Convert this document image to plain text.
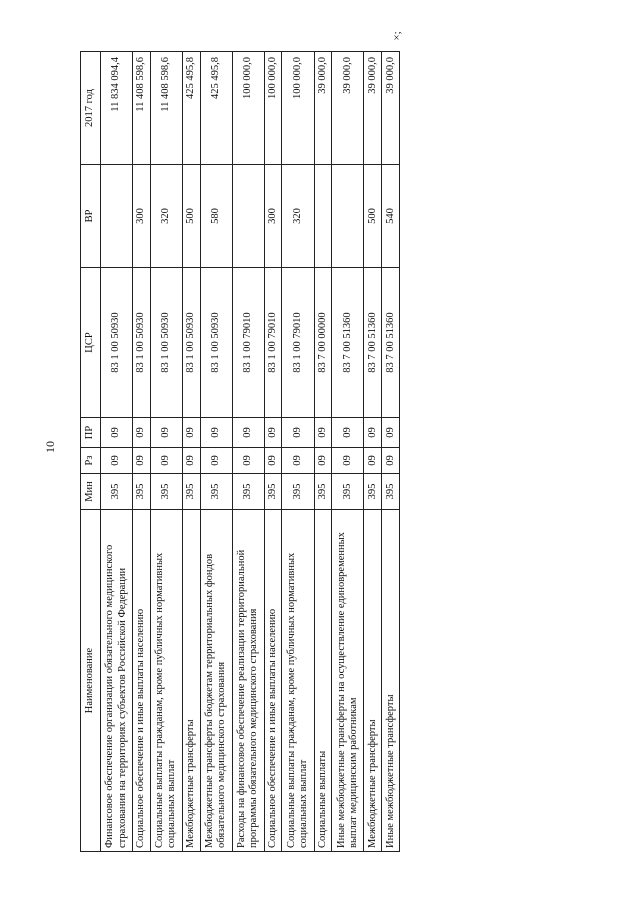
10
×;
Наименование	Мин	Рз	ПР	ЦСР	ВР	2017 год
Финансовое обеспечение организации обязательного медицинского страхования на территориях субъектов Российской Федерации	395	09	09	83 1 00 50930		11 834 094,4
Социальное обеспечение и иные выплаты населению	395	09	09	83 1 00 50930	300	11 408 598,6
Социальные выплаты гражданам, кроме публичных нормативных социальных выплат	395	09	09	83 1 00 50930	320	11 408 598,6
Межбюджетные трансферты	395	09	09	83 1 00 50930	500	425 495,8
Межбюджетные трансферты бюджетам территориальных фондов обязательного медицинского страхования	395	09	09	83 1 00 50930	580	425 495,8
Расходы на финансовое обеспечение реализации территориальной программы обязательного медицинского страхования	395	09	09	83 1 00 79010		100 000,0
Социальное обеспечение и иные выплаты населению	395	09	09	83 1 00 79010	300	100 000,0
Социальные выплаты гражданам, кроме публичных нормативных социальных выплат	395	09	09	83 1 00 79010	320	100 000,0
Социальные выплаты	395	09	09	83 7 00 00000		39 000,0
Иные межбюджетные трансферты на осуществление единовременных выплат медицинским работникам	395	09	09	83 7 00 51360		39 000,0
Межбюджетные трансферты	395	09	09	83 7 00 51360	500	39 000,0
Иные межбюджетные трансферты	395	09	09	83 7 00 51360	540	39 000,0
